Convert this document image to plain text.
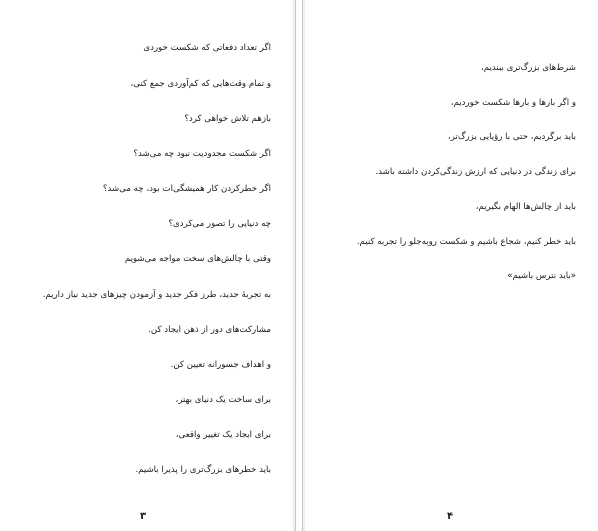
اگر تعداد دفعاتی که شکست خوردی
و تمام وقت‌هایی که کم‌آوردی جمع کنی،
بازهم تلاش خواهی کرد؟
اگر شکست محدودیت نبود چه می‌شد؟
اگر خطرکردن کار همیشگی‌ات بود، چه می‌شد؟
چه دنیایی را تصور می‌کردی؟
وقتی با چالش‌های سخت مواجه می‌شویم
به تجربهٔ جدید، طرز فکر جدید و آزمودن چیزهای جدید نیاز داریم.
مشارکت‌های دور از ذهن ایجاد کن.
و اهداف جسورانه تعیین کن.
برای ساخت یک دنیای بهتر،
برای ایجاد یک تغییر واقعی،
باید خطرهای بزرگ‌تری را پذیرا باشیم.
۳
شرط‌های بزرگ‌تری ببندیم،
و اگر بارها و بارها شکست خوردیم،
باید برگردیم، حتی با رؤیایی بزرگ‌تر،
برای زندگی در دنیایی که ارزش زندگی‌کردن داشته باشد.
باید از چالش‌ها الهام بگیریم،
باید خطر کنیم، شجاع باشیم و شکست روبه‌جلو را تجربه کنیم.
«باید نترس باشیم»
۴
